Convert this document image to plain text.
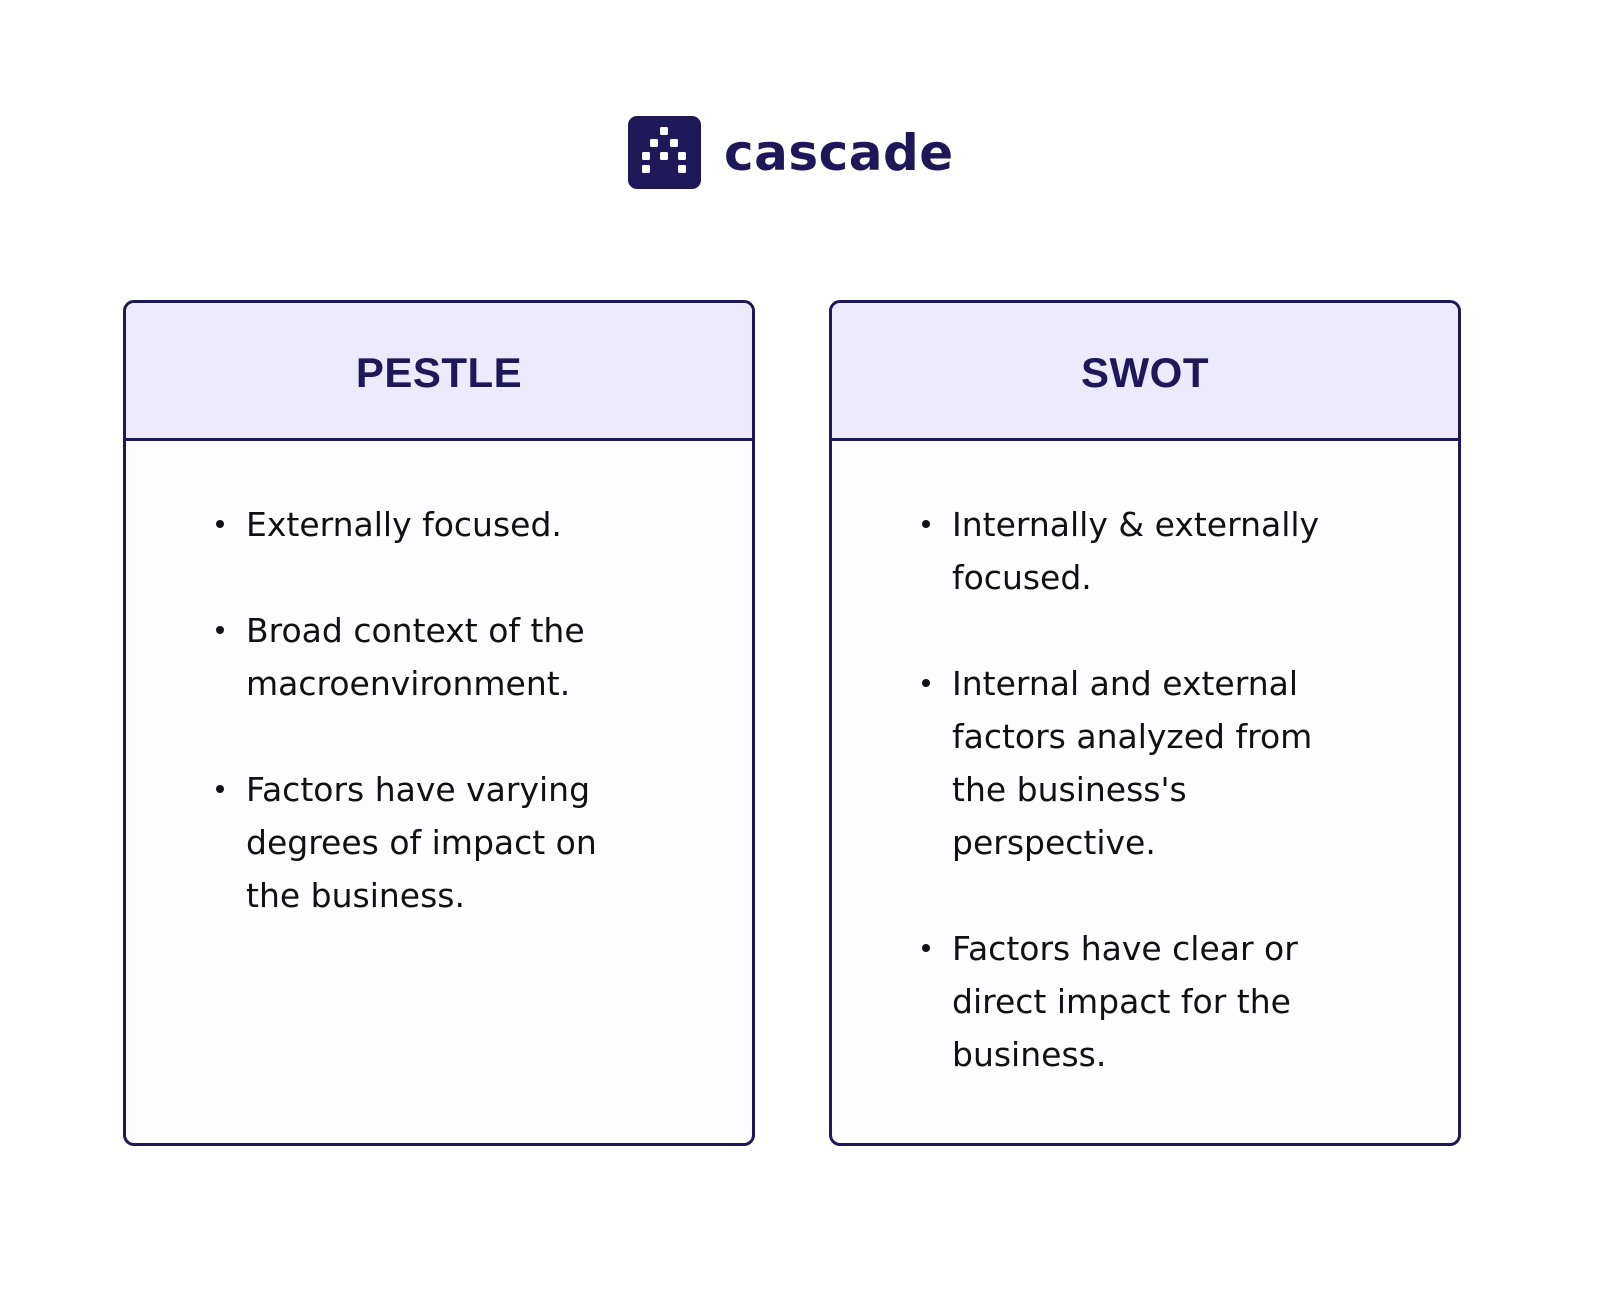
cascade
PESTLE
Externally focused.
Broad context of the macroenvironment.
Factors have varying degrees of impact on the business.
SWOT
Internally & externally focused.
Internal and external factors analyzed from the business's perspective.
Factors have clear or direct impact for the business.
